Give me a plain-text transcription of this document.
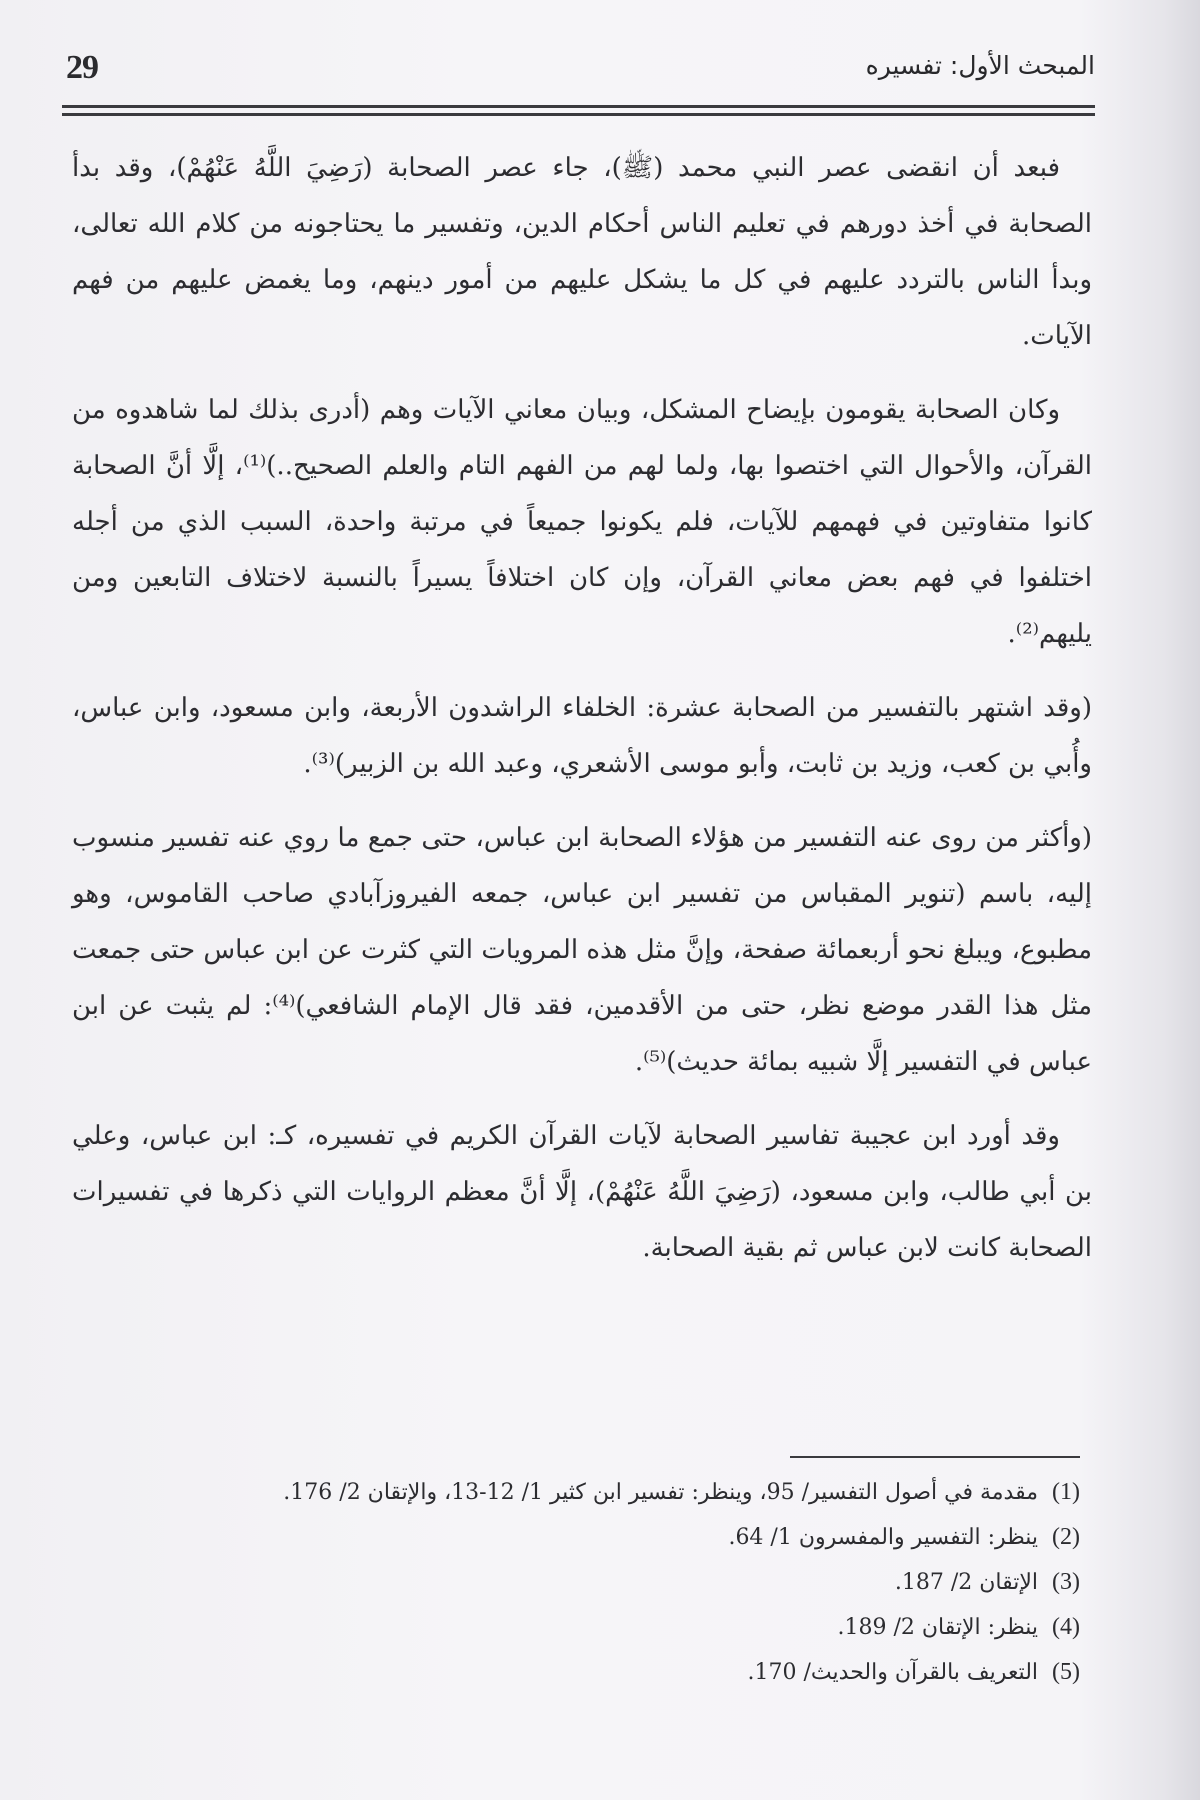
29	المبحث الأول: تفسيره

فبعد أن انقضى عصر النبي محمد (ﷺ)، جاء عصر الصحابة (رَضِيَ اللَّهُ عَنْهُمْ)، وقد بدأ الصحابة في أخذ دورهم في تعليم الناس أحكام الدين، وتفسير ما يحتاجونه من كلام الله تعالى، وبدأ الناس بالتردد عليهم في كل ما يشكل عليهم من أمور دينهم، وما يغمض عليهم من فهم الآيات.

وكان الصحابة يقومون بإيضاح المشكل، وبيان معاني الآيات وهم (أدرى بذلك لما شاهدوه من القرآن، والأحوال التي اختصوا بها، ولما لهم من الفهم التام والعلم الصحيح..)⁽¹⁾، إلَّا أنَّ الصحابة كانوا متفاوتين في فهمهم للآيات، فلم يكونوا جميعاً في مرتبة واحدة، السبب الذي من أجله اختلفوا في فهم بعض معاني القرآن، وإن كان اختلافاً يسيراً بالنسبة لاختلاف التابعين ومن يليهم⁽²⁾.

(وقد اشتهر بالتفسير من الصحابة عشرة: الخلفاء الراشدون الأربعة، وابن مسعود، وابن عباس، وأُبي بن كعب، وزيد بن ثابت، وأبو موسى الأشعري، وعبد الله بن الزبير)⁽³⁾.

(وأكثر من روى عنه التفسير من هؤلاء الصحابة ابن عباس، حتى جمع ما روي عنه تفسير منسوب إليه، باسم (تنوير المقباس من تفسير ابن عباس، جمعه الفيروزآبادي صاحب القاموس، وهو مطبوع، ويبلغ نحو أربعمائة صفحة، وإنَّ مثل هذه المرويات التي كثرت عن ابن عباس حتى جمعت مثل هذا القدر موضع نظر، حتى من الأقدمين، فقد قال الإمام الشافعي)⁽⁴⁾: لم يثبت عن ابن عباس في التفسير إلَّا شبيه بمائة حديث)⁽⁵⁾.

وقد أورد ابن عجيبة تفاسير الصحابة لآيات القرآن الكريم في تفسيره، كـ: ابن عباس، وعلي بن أبي طالب، وابن مسعود، (رَضِيَ اللَّهُ عَنْهُمْ)، إلَّا أنَّ معظم الروايات التي ذكرها في تفسيرات الصحابة كانت لابن عباس ثم بقية الصحابة.

(1)
مقدمة في أصول التفسير/ 95، وينظر: تفسير ابن كثير 1/ 12-13، والإتقان 2/ 176.
(2)
ينظر: التفسير والمفسرون 1/ 64.
(3)
الإتقان 2/ 187.
(4)
ينظر: الإتقان 2/ 189.
(5)
التعريف بالقرآن والحديث/ 170.
